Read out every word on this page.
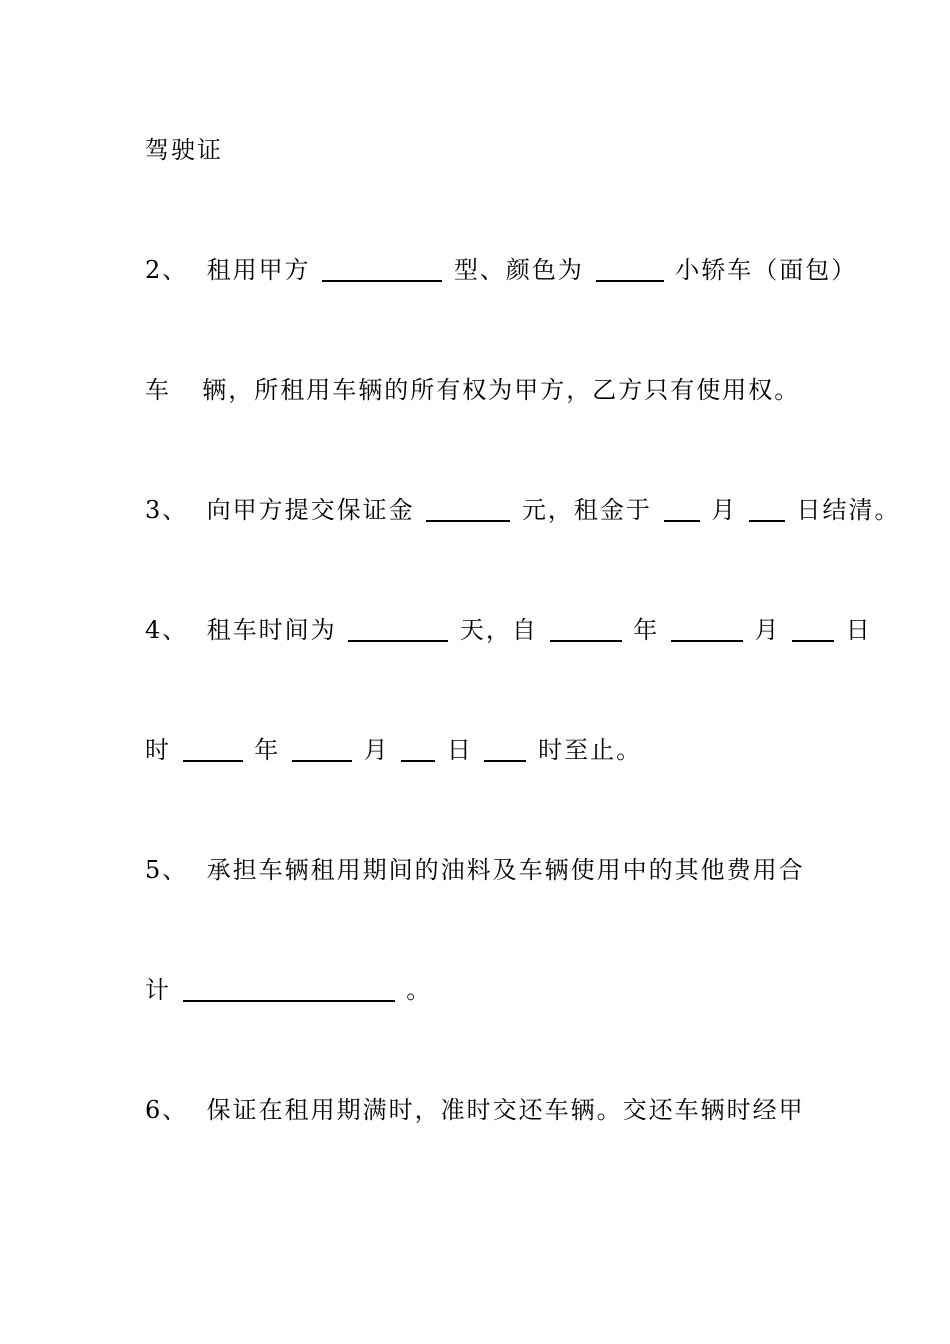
驾驶证
2、 租用甲方	型、颜色为	小轿车（面包）
车 辆，所租用车辆的所有权为甲方，乙方只有使用权。
3、 向甲方提交保证金	元，租金于 月 日结清。
4、 租车时间为	天，自	年	月	日
时	年	月 日	时至止。
5、 承担车辆租用期间的油料及车辆使用中的其他费用合
计	。
6、 保证在租用期满时，准时交还车辆。交还车辆时经甲
